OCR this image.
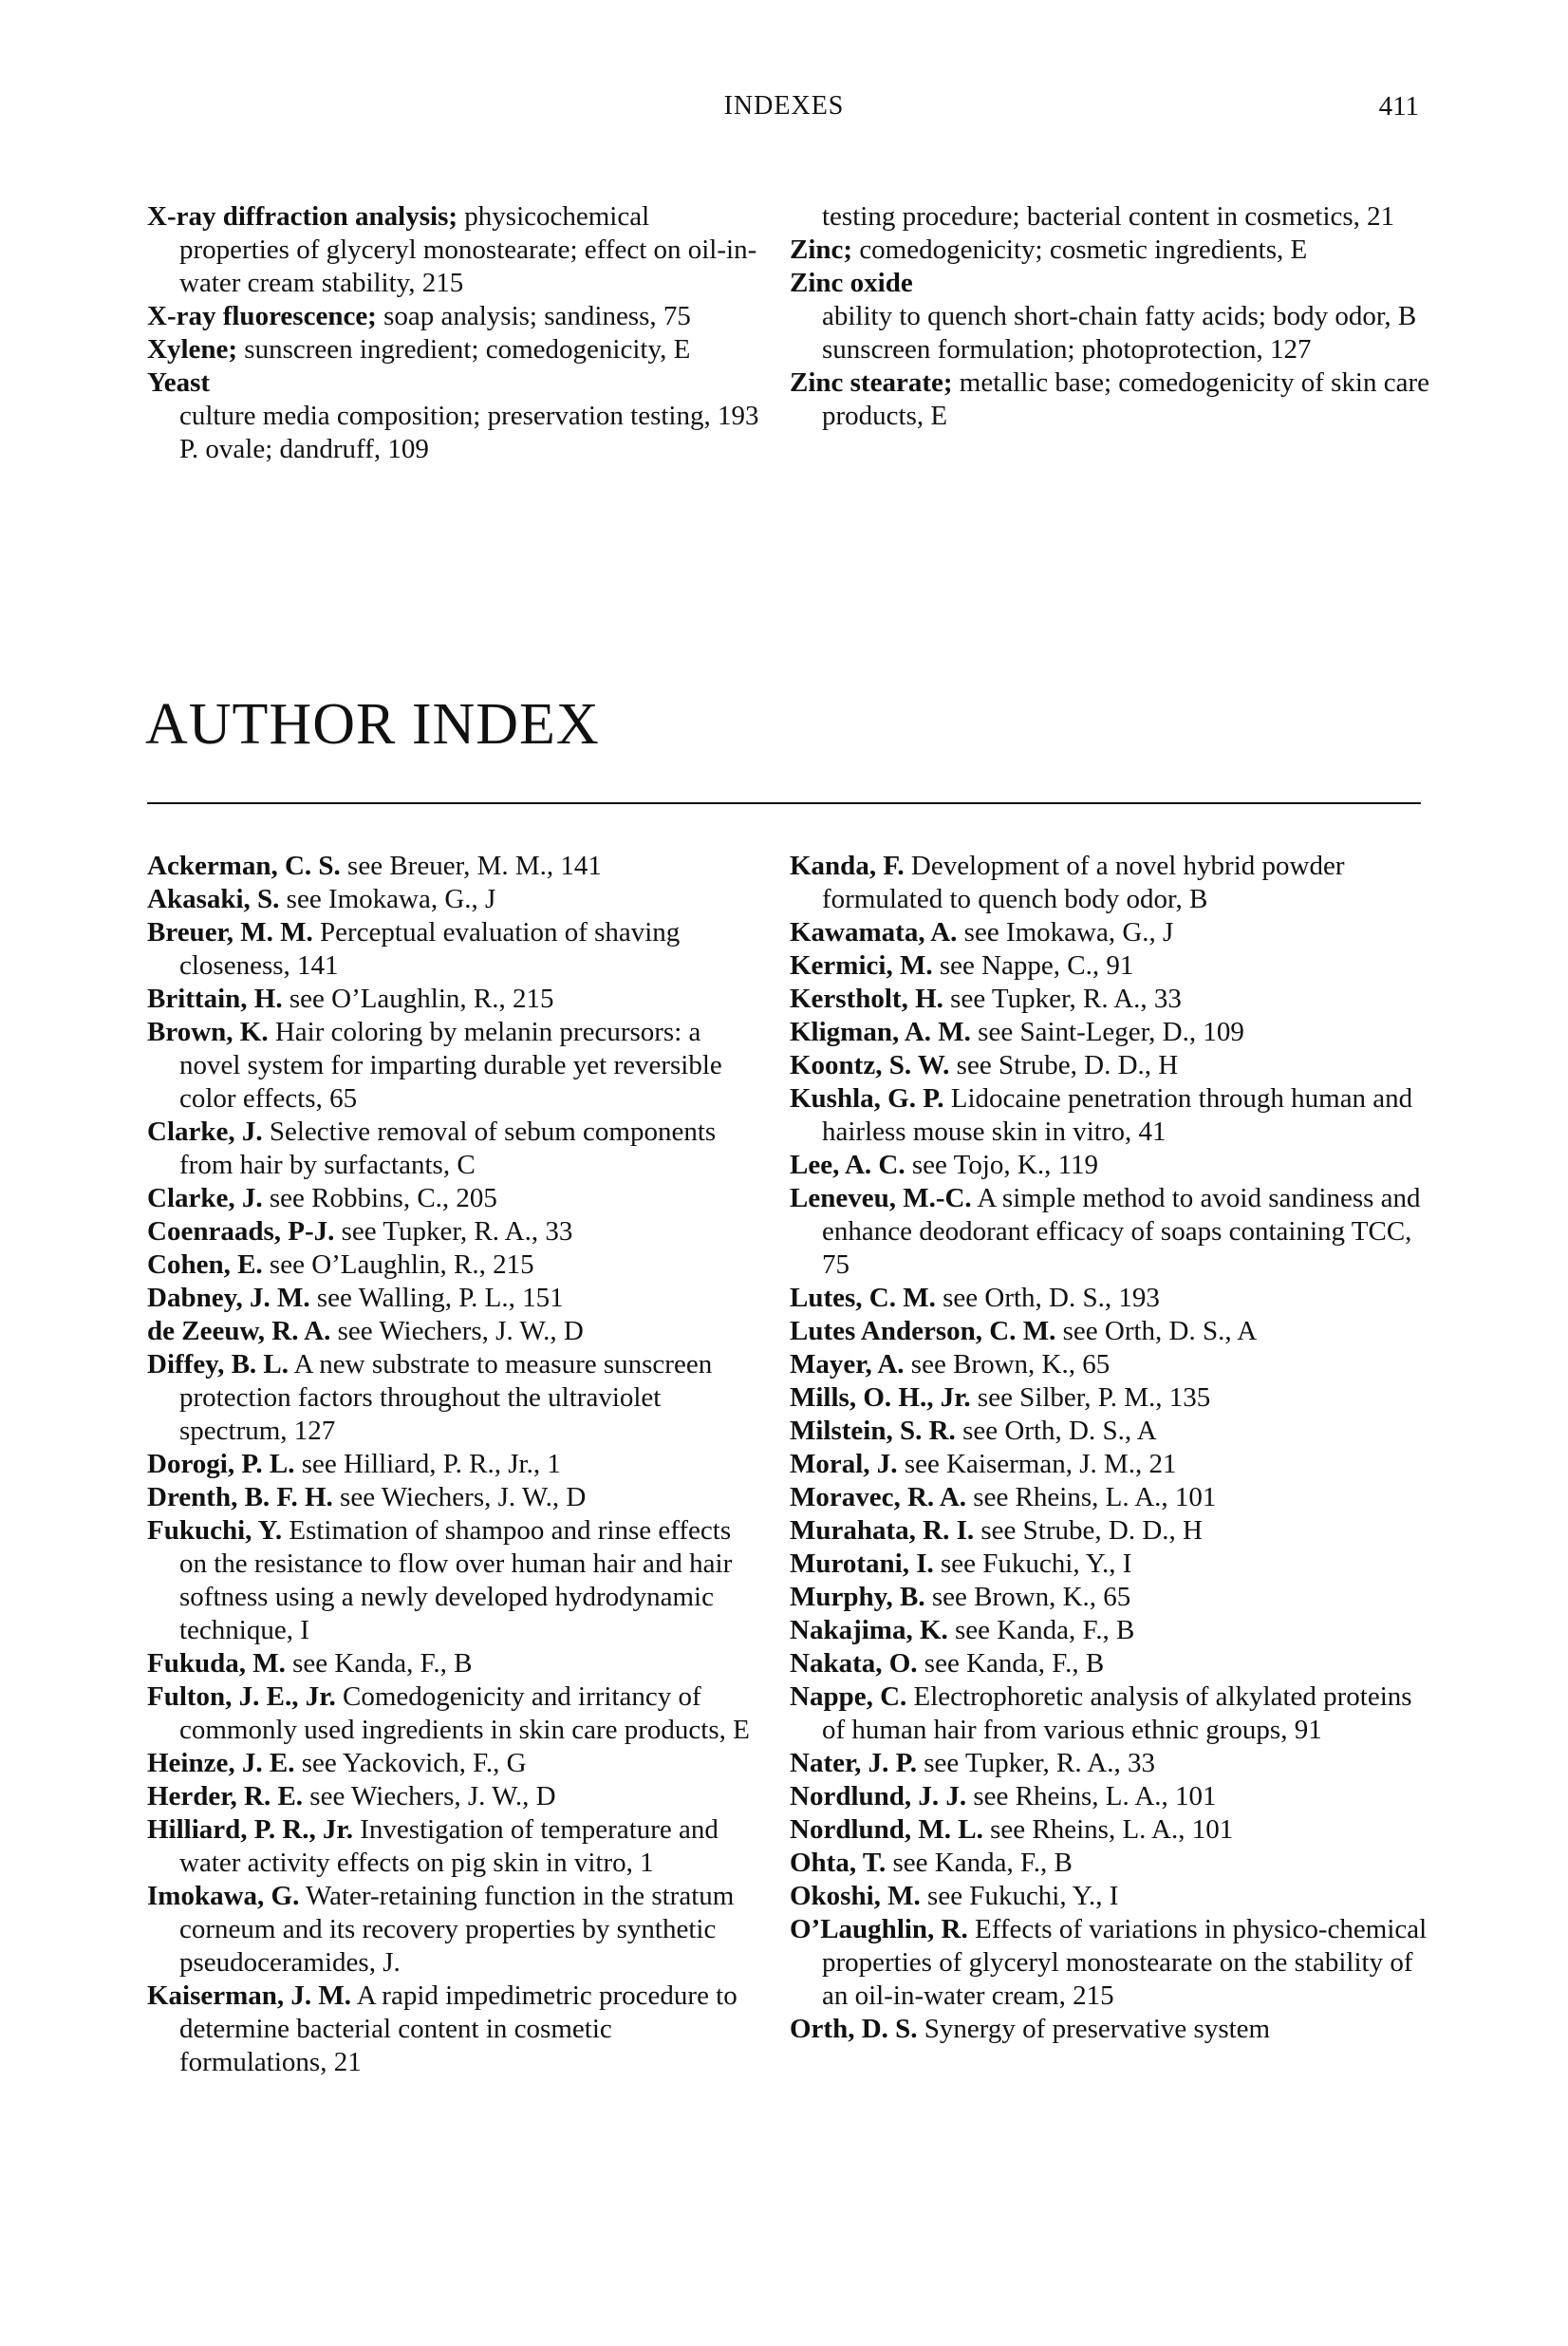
INDEXES	411

X-ray diffraction analysis; physicochemical properties of glyceryl monostearate; effect on oil-in-water cream stability, 215

X-ray fluorescence; soap analysis; sandiness, 75

Xylene; sunscreen ingredient; comedogenicity, E

Yeast

culture media composition; preservation testing, 193

P. ovale; dandruff, 109

testing procedure; bacterial content in cosmetics, 21

Zinc; comedogenicity; cosmetic ingredients, E

Zinc oxide

ability to quench short-chain fatty acids; body odor, B

sunscreen formulation; photoprotection, 127

Zinc stearate; metallic base; comedogenicity of skin care products, E

AUTHOR INDEX

Ackerman, C. S. see Breuer, M. M., 141

Akasaki, S. see Imokawa, G., J

Breuer, M. M. Perceptual evaluation of shaving closeness, 141

Brittain, H. see O’Laughlin, R., 215

Brown, K. Hair coloring by melanin precursors: a novel system for imparting durable yet reversible color effects, 65

Clarke, J. Selective removal of sebum components from hair by surfactants, C

Clarke, J. see Robbins, C., 205

Coenraads, P-J. see Tupker, R. A., 33

Cohen, E. see O’Laughlin, R., 215

Dabney, J. M. see Walling, P. L., 151

de Zeeuw, R. A. see Wiechers, J. W., D

Diffey, B. L. A new substrate to measure sunscreen protection factors throughout the ultraviolet spectrum, 127

Dorogi, P. L. see Hilliard, P. R., Jr., 1

Drenth, B. F. H. see Wiechers, J. W., D

Fukuchi, Y. Estimation of shampoo and rinse effects on the resistance to flow over human hair and hair softness using a newly developed hydrodynamic technique, I

Fukuda, M. see Kanda, F., B

Fulton, J. E., Jr. Comedogenicity and irritancy of commonly used ingredients in skin care products, E

Heinze, J. E. see Yackovich, F., G

Herder, R. E. see Wiechers, J. W., D

Hilliard, P. R., Jr. Investigation of temperature and water activity effects on pig skin in vitro, 1

Imokawa, G. Water-retaining function in the stratum corneum and its recovery properties by synthetic pseudoceramides, J.

Kaiserman, J. M. A rapid impedimetric procedure to determine bacterial content in cosmetic formulations, 21

Kanda, F. Development of a novel hybrid powder formulated to quench body odor, B

Kawamata, A. see Imokawa, G., J

Kermici, M. see Nappe, C., 91

Kerstholt, H. see Tupker, R. A., 33

Kligman, A. M. see Saint-Leger, D., 109

Koontz, S. W. see Strube, D. D., H

Kushla, G. P. Lidocaine penetration through human and hairless mouse skin in vitro, 41

Lee, A. C. see Tojo, K., 119

Leneveu, M.-C. A simple method to avoid sandiness and enhance deodorant efficacy of soaps containing TCC, 75

Lutes, C. M. see Orth, D. S., 193

Lutes Anderson, C. M. see Orth, D. S., A

Mayer, A. see Brown, K., 65

Mills, O. H., Jr. see Silber, P. M., 135

Milstein, S. R. see Orth, D. S., A

Moral, J. see Kaiserman, J. M., 21

Moravec, R. A. see Rheins, L. A., 101

Murahata, R. I. see Strube, D. D., H

Murotani, I. see Fukuchi, Y., I

Murphy, B. see Brown, K., 65

Nakajima, K. see Kanda, F., B

Nakata, O. see Kanda, F., B

Nappe, C. Electrophoretic analysis of alkylated proteins of human hair from various ethnic groups, 91

Nater, J. P. see Tupker, R. A., 33

Nordlund, J. J. see Rheins, L. A., 101

Nordlund, M. L. see Rheins, L. A., 101

Ohta, T. see Kanda, F., B

Okoshi, M. see Fukuchi, Y., I

O’Laughlin, R. Effects of variations in physico-chemical properties of glyceryl monostearate on the stability of an oil-in-water cream, 215

Orth, D. S. Synergy of preservative system
